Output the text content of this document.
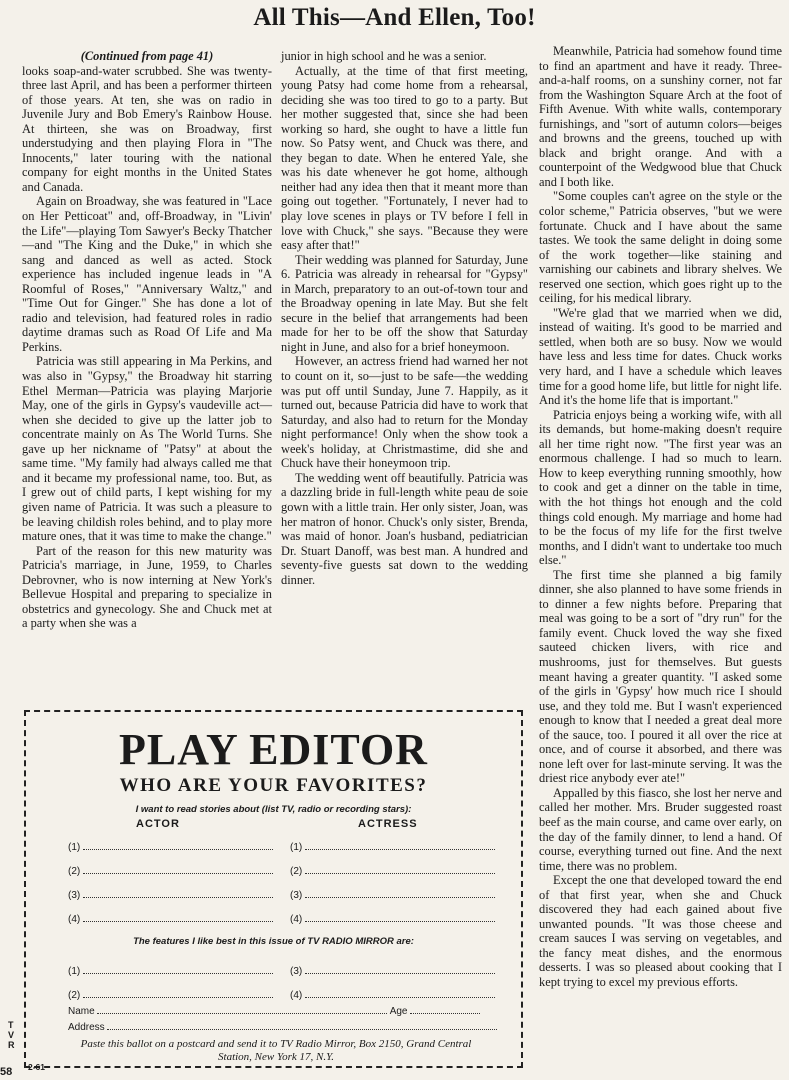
All This—And Ellen, Too!
(Continued from page 41)

looks soap-and-water scrubbed. She was twenty-three last April, and has been a performer thirteen of those years. At ten, she was on radio in Juvenile Jury and Bob Emery's Rainbow House. At thirteen, she was on Broadway, first understudying and then playing Flora in "The Innocents," later touring with the national company for eight months in the United States and Canada.

Again on Broadway, she was featured in "Lace on Her Petticoat" and, off-Broadway, in "Livin' the Life"—playing Tom Sawyer's Becky Thatcher—and "The King and the Duke," in which she sang and danced as well as acted. Stock experience has included ingenue leads in "A Roomful of Roses," "Anniversary Waltz," and "Time Out for Ginger." She has done a lot of radio and television, had featured roles in radio daytime dramas such as Road Of Life and Ma Perkins.

Patricia was still appearing in Ma Perkins, and was also in "Gypsy," the Broadway hit starring Ethel Merman—Patricia was playing Marjorie May, one of the girls in Gypsy's vaudeville act—when she decided to give up the latter job to concentrate mainly on As The World Turns. She gave up her nickname of "Patsy" at about the same time. "My family had always called me that and it became my professional name, too. But, as I grew out of child parts, I kept wishing for my given name of Patricia. It was such a pleasure to be leaving childish roles behind, and to play more mature ones, that it was time to make the change."

Part of the reason for this new maturity was Patricia's marriage, in June, 1959, to Charles Debrovner, who is now interning at New York's Bellevue Hospital and preparing to specialize in obstetrics and gynecology. She and Chuck met at a party when she was a

junior in high school and he was a senior.

Actually, at the time of that first meeting, young Patsy had come home from a rehearsal, deciding she was too tired to go to a party. But her mother suggested that, since she had been working so hard, she ought to have a little fun now. So Patsy went, and Chuck was there, and they began to date. When he entered Yale, she was his date whenever he got home, although neither had any idea then that it meant more than going out together. "Fortunately, I never had to play love scenes in plays or TV before I fell in love with Chuck," she says. "Because they were easy after that!"

Their wedding was planned for Saturday, June 6. Patricia was already in rehearsal for "Gypsy" in March, preparatory to an out-of-town tour and the Broadway opening in late May. But she felt secure in the belief that arrangements had been made for her to be off the show that Saturday night in June, and also for a brief honeymoon.

However, an actress friend had warned her not to count on it, so—just to be safe—the wedding was put off until Sunday, June 7. Happily, as it turned out, because Patricia did have to work that Saturday, and also had to return for the Monday night performance! Only when the show took a week's holiday, at Christmastime, did she and Chuck have their honeymoon trip.

The wedding went off beautifully. Patricia was a dazzling bride in full-length white peau de soie gown with a little train. Her only sister, Joan, was her matron of honor. Chuck's only sister, Brenda, was maid of honor. Joan's husband, pediatrician Dr. Stuart Danoff, was best man. A hundred and seventy-five guests sat down to the wedding dinner.

Meanwhile, Patricia had somehow found time to find an apartment and have it ready. Three-and-a-half rooms, on a sunshiny corner, not far from the Washington Square Arch at the foot of Fifth Avenue. With white walls, contemporary furnishings, and "sort of autumn colors—beiges and browns and the greens, touched up with black and bright orange. And with a counterpoint of the Wedgwood blue that Chuck and I both like.

"Some couples can't agree on the style or the color scheme," Patricia observes, "but we were fortunate. Chuck and I have about the same tastes. We took the same delight in doing some of the work together—like staining and varnishing our cabinets and library shelves. We reserved one section, which goes right up to the ceiling, for his medical library.

"We're glad that we married when we did, instead of waiting. It's good to be married and settled, when both are so busy. Now we would have less and less time for dates. Chuck works very hard, and I have a schedule which leaves time for a good home life, but little for night life. And it's the home life that is important."

Patricia enjoys being a working wife, with all its demands, but home-making doesn't require all her time right now. "The first year was an enormous challenge. I had so much to learn. How to keep everything running smoothly, how to cook and get a dinner on the table in time, with the hot things hot enough and the cold things cold enough. My marriage and home had to be the focus of my life for the first twelve months, and I didn't want to undertake too much else."

The first time she planned a big family dinner, she also planned to have some friends in to dinner a few nights before. Preparing that meal was going to be a sort of "dry run" for the family event. Chuck loved the way she fixed sauteed chicken livers, with rice and mushrooms, just for themselves. But guests meant having a greater quantity. "I asked some of the girls in 'Gypsy' how much rice I should use, and they told me. But I wasn't experienced enough to know that I needed a great deal more of the sauce, too. I poured it all over the rice at once, and of course it absorbed, and there was none left over for last-minute serving. It was the driest rice anybody ever ate!"

Appalled by this fiasco, she lost her nerve and called her mother. Mrs. Bruder suggested roast beef as the main course, and came over early, on the day of the family dinner, to lend a hand. Of course, everything turned out fine. And the next time, there was no problem.

Except the one that developed toward the end of that first year, when she and Chuck discovered they had each gained about five unwanted pounds. "It was those cheese and cream sauces I was serving on vegetables, and the fancy meat dishes, and the enormous desserts. I was so pleased about cooking that I kept trying to excel my previous efforts.

PLAY EDITOR
WHO ARE YOUR FAVORITES?
I want to read stories about (list TV, radio or recording stars):
ACTOR	ACTRESS
(1)
(2)
(3)
(4)
(1)
(2)
(3)
(4)
The features I like best in this issue of TV RADIO MIRROR are:
(1)	(3)
(2)	(4)
Name	Age
Address
Paste this ballot on a postcard and send it to TV Radio Mirror, Box 2150, Grand Central Station, New York 17, N.Y.
T
V
R
2-61
58
